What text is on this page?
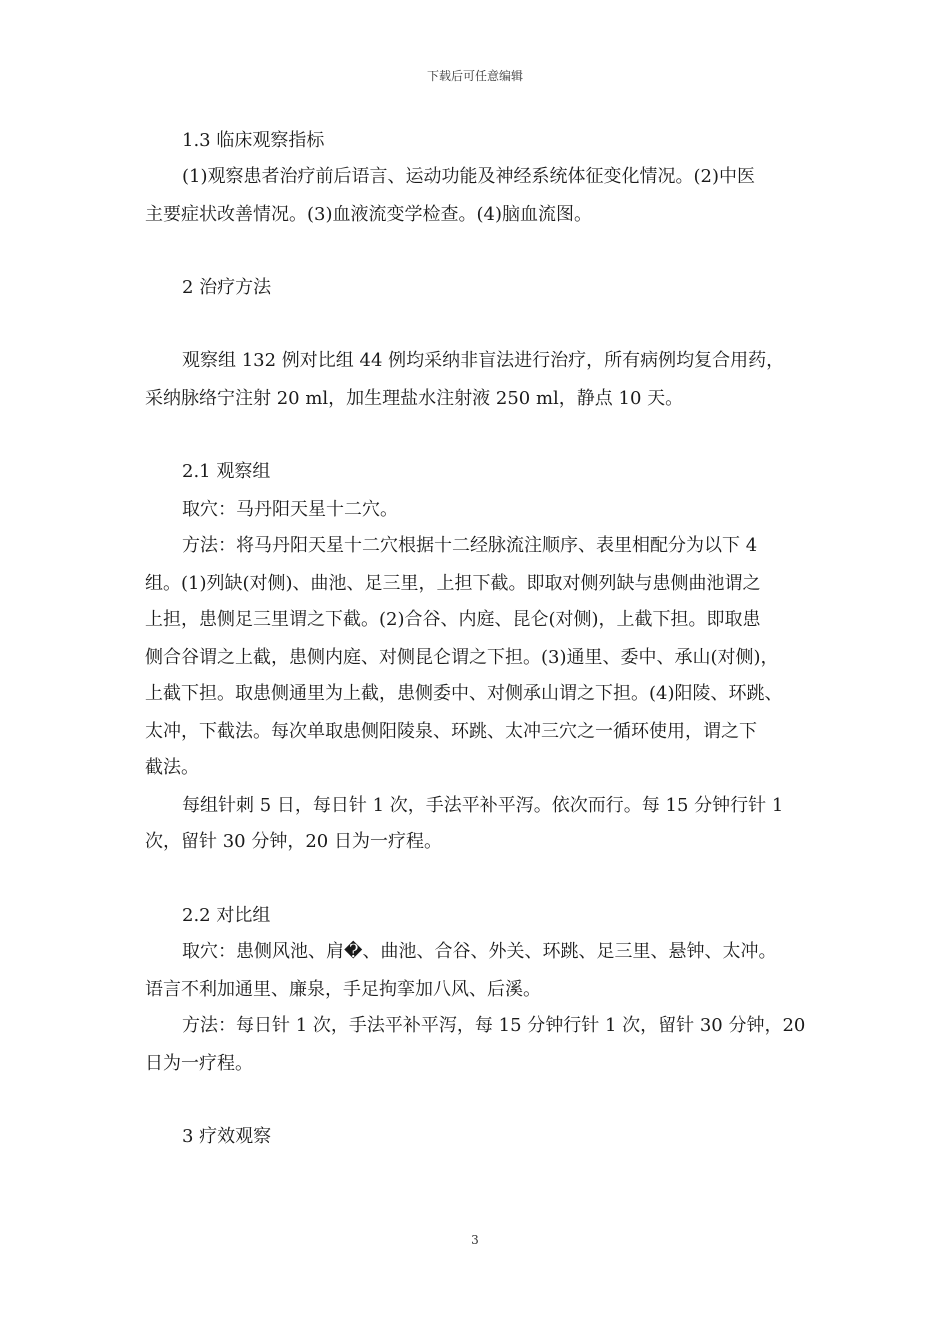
下载后可任意编辑
1.3 临床观察指标
(1)观察患者治疗前后语言、运动功能及神经系统体征变化情况。(2)中医
主要症状改善情况。(3)血液流变学检查。(4)脑血流图。
2 治疗方法
观察组 132 例对比组 44 例均采纳非盲法进行治疗，所有病例均复合用药，
采纳脉络宁注射 20 ml，加生理盐水注射液 250 ml，静点 10 天。
2.1 观察组
取穴：马丹阳天星十二穴。
方法：将马丹阳天星十二穴根据十二经脉流注顺序、表里相配分为以下 4
组。(1)列缺(对侧)、曲池、足三里，上担下截。即取对侧列缺与患侧曲池谓之
上担，患侧足三里谓之下截。(2)合谷、内庭、昆仑(对侧)，上截下担。即取患
侧合谷谓之上截，患侧内庭、对侧昆仑谓之下担。(3)通里、委中、承山(对侧)，
上截下担。取患侧通里为上截，患侧委中、对侧承山谓之下担。(4)阳陵、环跳、
太冲，下截法。每次单取患侧阳陵泉、环跳、太冲三穴之一循环使用，谓之下
截法。
每组针刺 5 日，每日针 1 次，手法平补平泻。依次而行。每 15 分钟行针 1
次，留针 30 分钟，20 日为一疗程。
2.2 对比组
取穴：患侧风池、肩�、曲池、合谷、外关、环跳、足三里、悬钟、太冲。
语言不利加通里、廉泉，手足拘挛加八风、后溪。
方法：每日针 1 次，手法平补平泻，每 15 分钟行针 1 次，留针 30 分钟，20
日为一疗程。
3 疗效观察
3
